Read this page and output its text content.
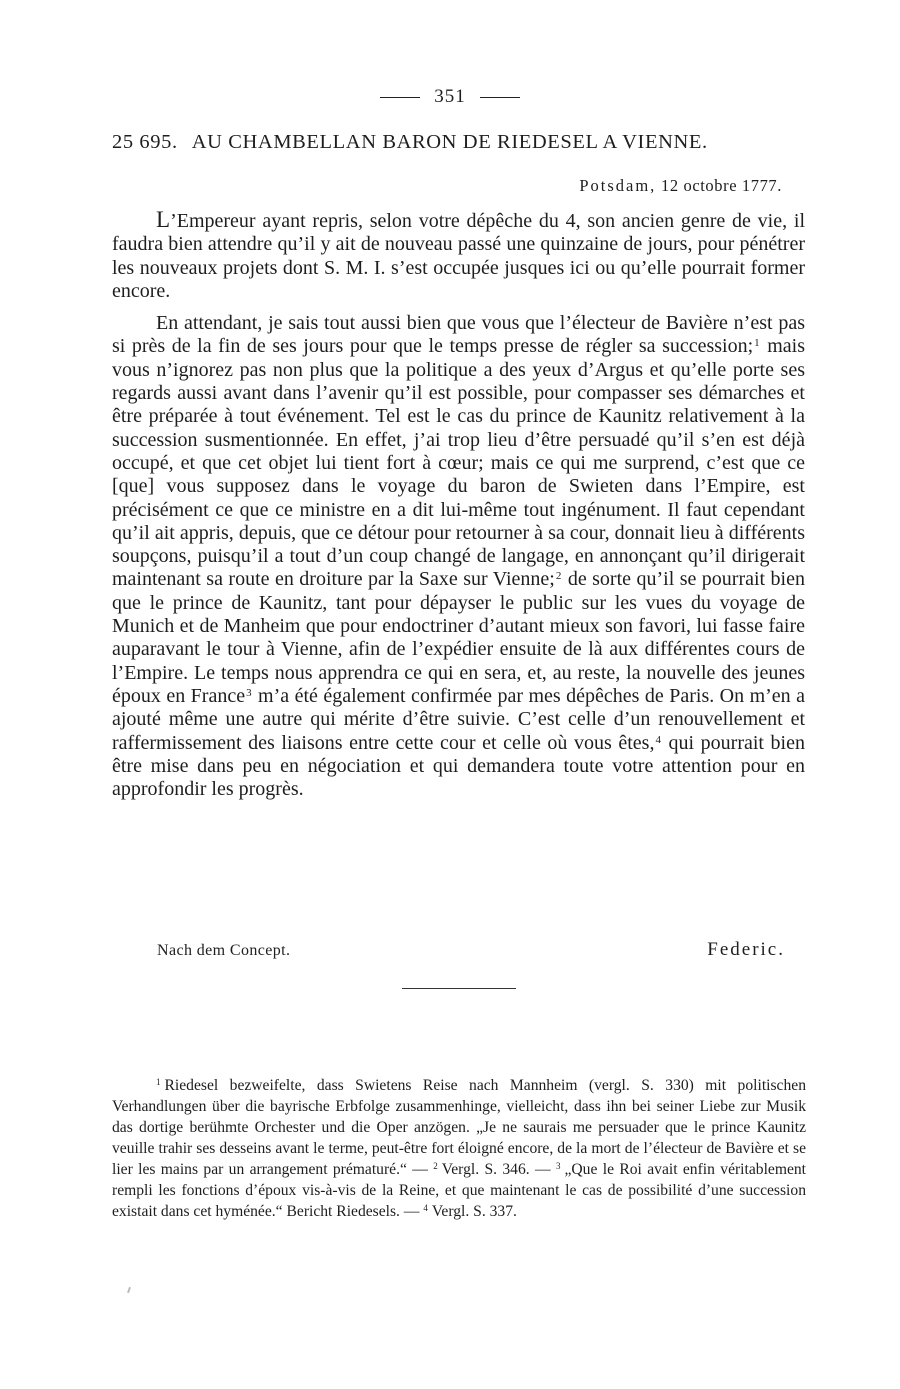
351
25 695. AU CHAMBELLAN BARON DE RIEDESEL A VIENNE.
Potsdam, 12 octobre 1777.

L’Empereur ayant repris, selon votre dépêche du 4, son ancien genre de vie, il faudra bien attendre qu’il y ait de nouveau passé une quinzaine de jours, pour pénétrer les nouveaux projets dont S. M. I. s’est occupée jusques ici ou qu’elle pourrait former encore.

En attendant, je sais tout aussi bien que vous que l’électeur de Bavière n’est pas si près de la fin de ses jours pour que le temps presse de régler sa succession;$^1$ mais vous n’ignorez pas non plus que la politique a des yeux d’Argus et qu’elle porte ses regards aussi avant dans l’avenir qu’il est possible, pour compasser ses démarches et être préparée à tout événement. Tel est le cas du prince de Kaunitz relativement à la succession susmentionnée. En effet, j’ai trop lieu d’être persuadé qu’il s’en est déjà occupé, et que cet objet lui tient fort à cœur; mais ce qui me surprend, c’est que ce [que] vous supposez dans le voyage du baron de Swieten dans l’Empire, est précisément ce que ce ministre en a dit lui-même tout ingénument. Il faut cependant qu’il ait appris, depuis, que ce détour pour retourner à sa cour, donnait lieu à différents soupçons, puisqu’il a tout d’un coup changé de langage, en annonçant qu’il dirigerait maintenant sa route en droiture par la Saxe sur Vienne;$^2$ de sorte qu’il se pourrait bien que le prince de Kaunitz, tant pour dépayser le public sur les vues du voyage de Munich et de Manheim que pour endoctriner d’autant mieux son favori, lui fasse faire auparavant le tour à Vienne, afin de l’expédier ensuite de là aux différentes cours de l’Empire. Le temps nous apprendra ce qui en sera, et, au reste, la nouvelle des jeunes époux en France$^3$ m’a été également confirmée par mes dépêches de Paris. On m’en a ajouté même une autre qui mérite d’être suivie. C’est celle d’un renouvellement et raffermissement des liaisons entre cette cour et celle où vous êtes,$^4$ qui pourrait bien être mise dans peu en négociation et qui demandera toute votre attention pour en approfondir les progrès.

Nach dem Concept.	Federic.

$^1$ Riedesel bezweifelte, dass Swietens Reise nach Mannheim (vergl. S. 330) mit politischen Verhandlungen über die bayrische Erbfolge zusammenhinge, vielleicht, dass ihn bei seiner Liebe zur Musik das dortige berühmte Orchester und die Oper anzögen. „Je ne saurais me persuader que le prince Kaunitz veuille trahir ses desseins avant le terme, peut-être fort éloigné encore, de la mort de l’électeur de Bavière et se lier les mains par un arrangement prématuré.“ — $^2$ Vergl. S. 346. — $^3$ „Que le Roi avait enfin véritablement rempli les fonctions d’époux vis-à-vis de la Reine, et que maintenant le cas de possibilité d’une succession existait dans cet hyménée.“ Bericht Riedesels. — $^4$ Vergl. S. 337.
